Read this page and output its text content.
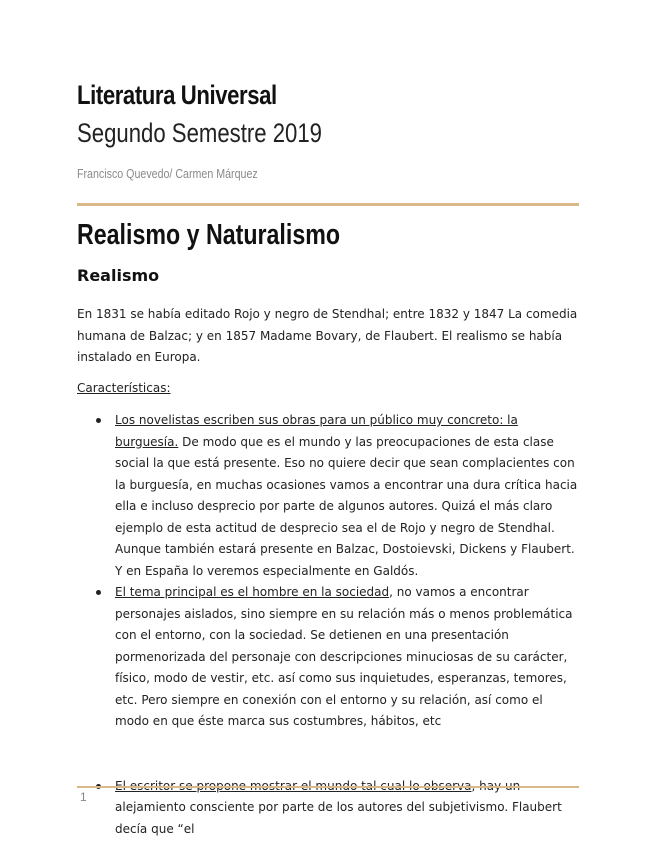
Literatura Universal
Segundo Semestre 2019

Francisco Quevedo/ Carmen Márquez

Realismo y Naturalismo
Realismo

En 1831 se había editado Rojo y negro de Stendhal; entre 1832 y 1847 La comedia humana de Balzac; y en 1857 Madame Bovary, de Flaubert. El realismo se había instalado en Europa.

Características:

Los novelistas escriben sus obras para un público muy concreto: la burguesía. De modo que es el mundo y las preocupaciones de esta clase social la que está presente. Eso no quiere decir que sean complacientes con la burguesía, en muchas ocasiones vamos a encontrar una dura crítica hacia ella e incluso desprecio por parte de algunos autores. Quizá el más claro ejemplo de esta actitud de desprecio sea el de Rojo y negro de Stendhal. Aunque también estará presente en Balzac, Dostoievski, Dickens y Flaubert. Y en España lo veremos especialmente en Galdós.
El tema principal es el hombre en la sociedad, no vamos a encontrar personajes aislados, sino siempre en su relación más o menos problemática con el entorno, con la sociedad. Se detienen en una presentación pormenorizada del personaje con descripciones minuciosas de su carácter, físico, modo de vestir, etc. así como sus inquietudes, esperanzas, temores, etc. Pero siempre en conexión con el entorno y su relación, así como el modo en que éste marca sus costumbres, hábitos, etc
alejamiento consciente por parte de los autores del subjetivismo. Flaubert decía que “el

1
